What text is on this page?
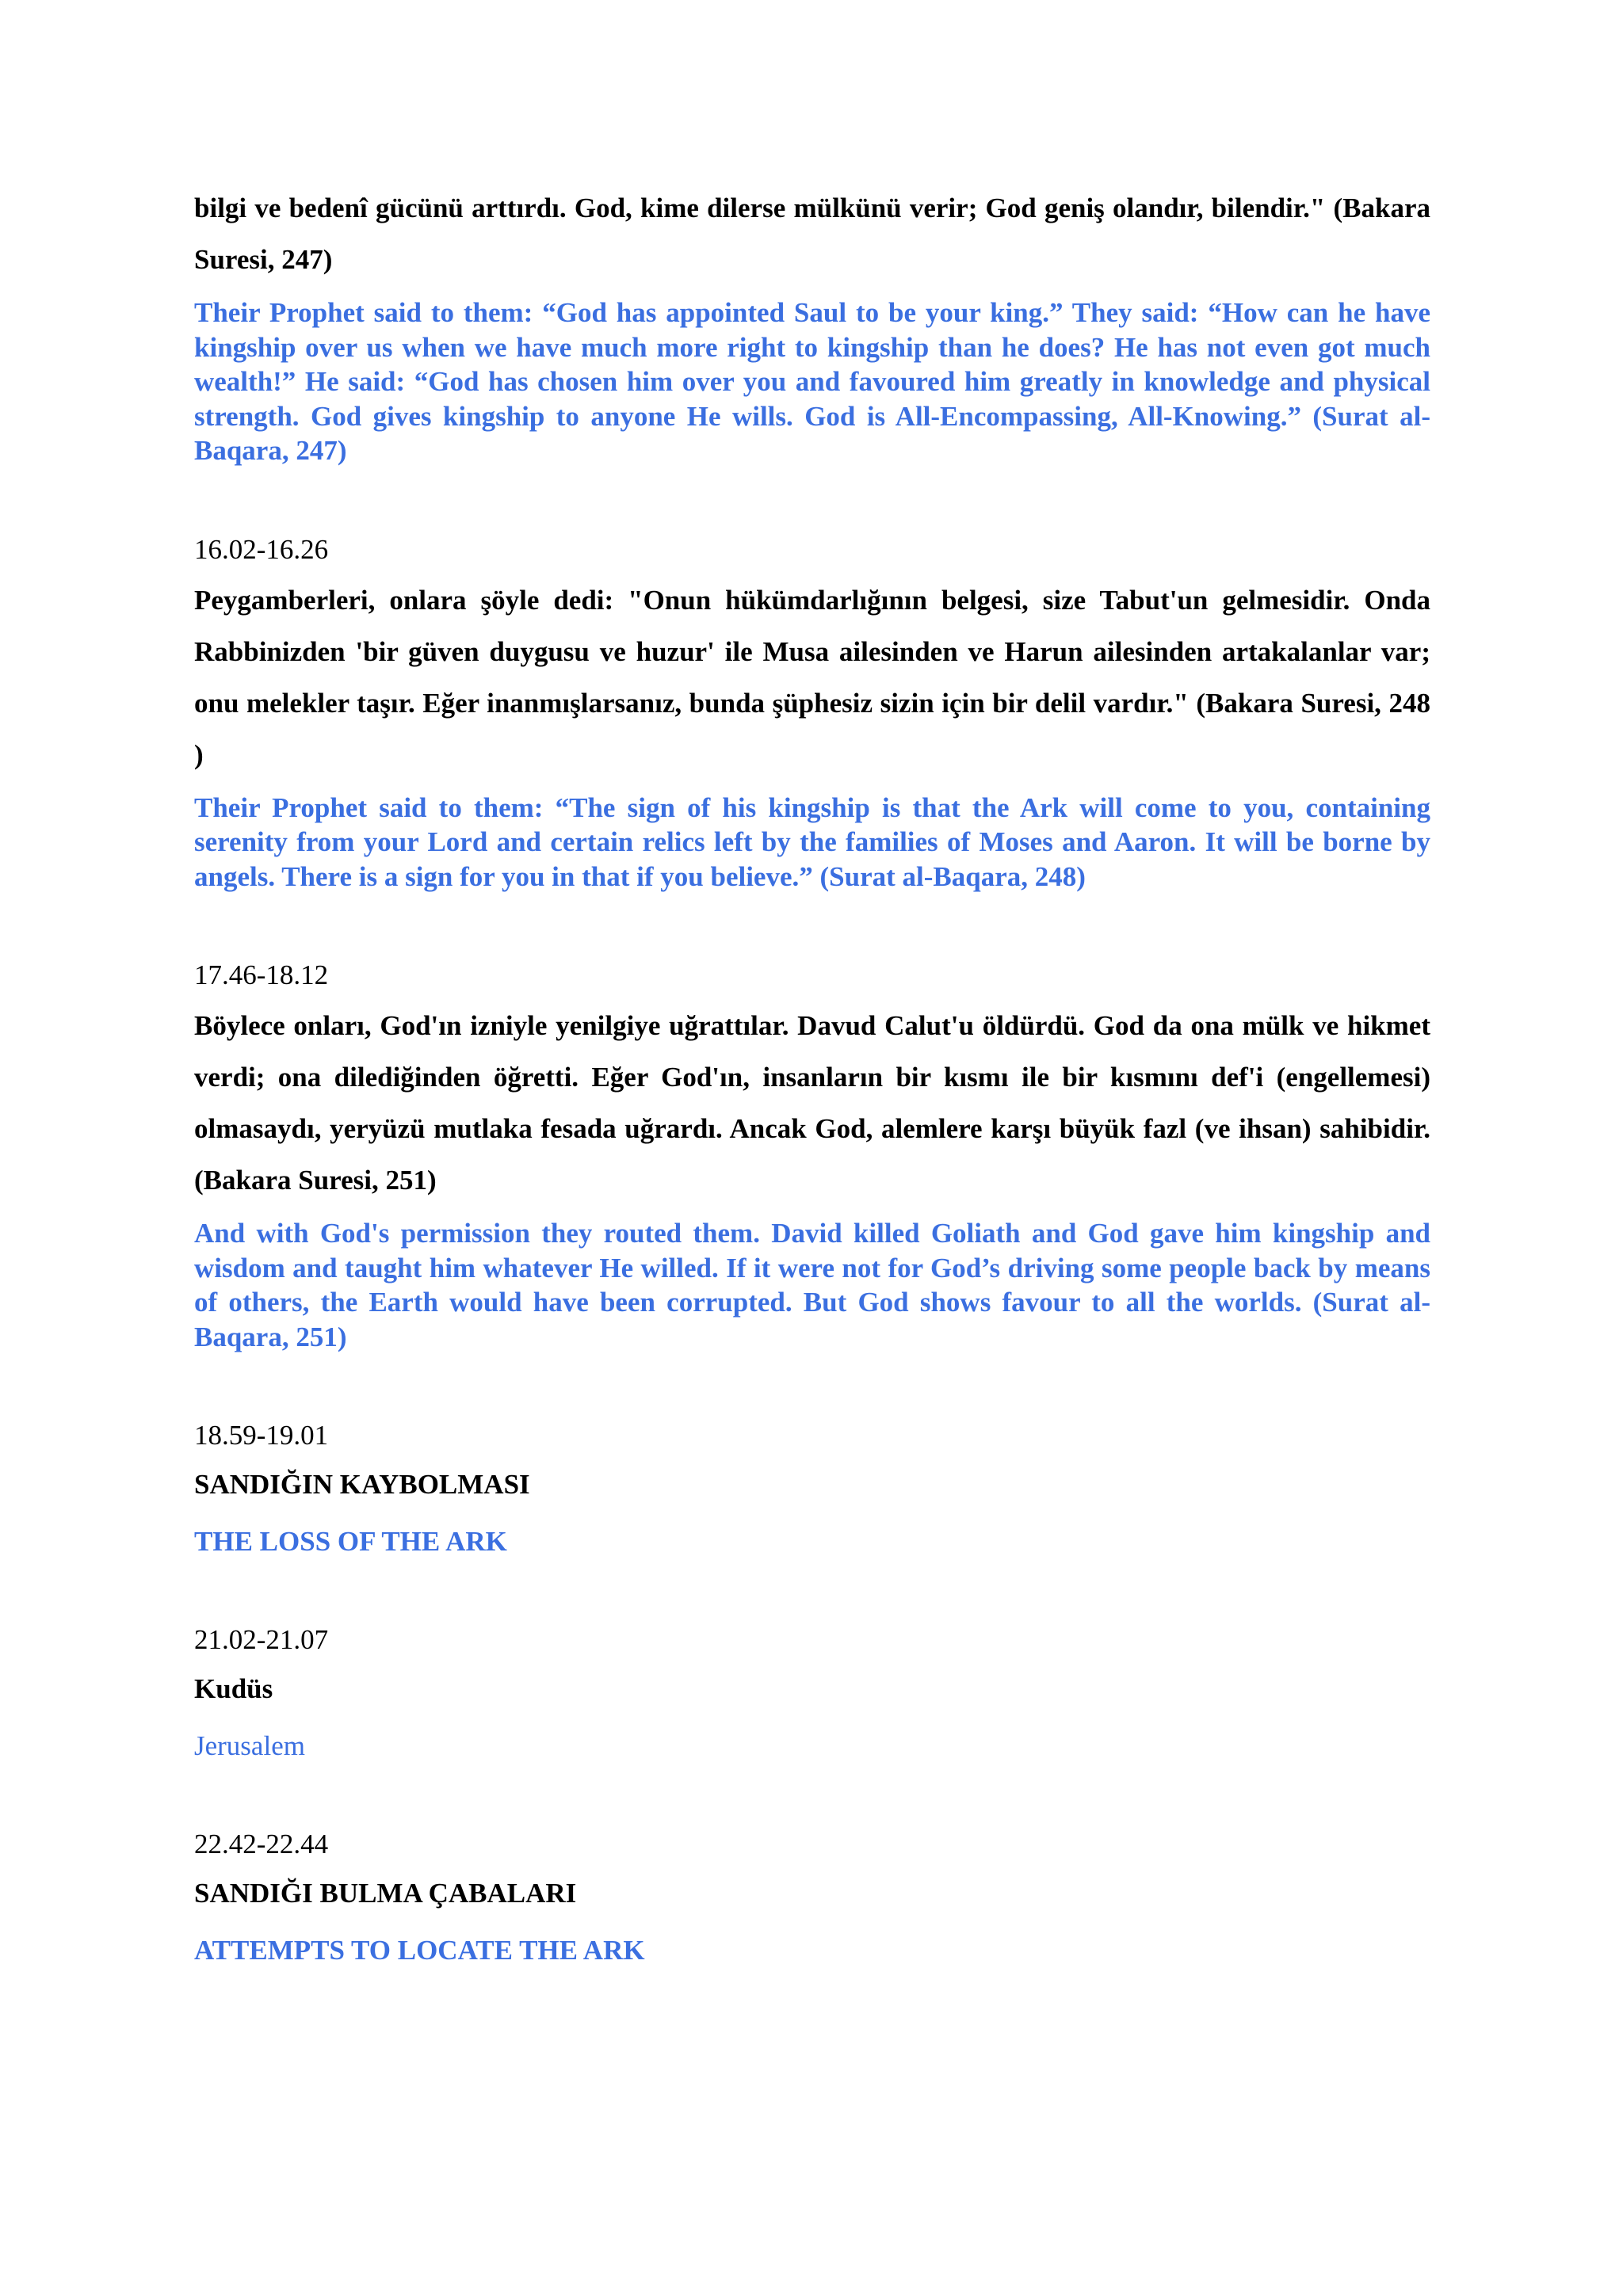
bilgi ve bedenî gücünü arttırdı. God, kime dilerse mülkünü verir; God geniş olandır, bilendir." (Bakara Suresi, 247)

Their Prophet said to them: “God has appointed Saul to be your king.” They said: “How can he have kingship over us when we have much more right to kingship than he does? He has not even got much wealth!” He said: “God has chosen him over you and favoured him greatly in knowledge and physical strength. God gives kingship to anyone He wills. God is All-Encompassing, All-Knowing.” (Surat al-Baqara, 247)

16.02-16.26

Peygamberleri, onlara şöyle dedi: "Onun hükümdarlığının belgesi, size Tabut'un gelmesidir. Onda Rabbinizden 'bir güven duygusu ve huzur' ile Musa ailesinden ve Harun ailesinden artakalanlar var; onu melekler taşır. Eğer inanmışlarsanız, bunda şüphesiz sizin için bir delil vardır." (Bakara Suresi, 248 )

Their Prophet said to them: “The sign of his kingship is that the Ark will come to you, containing serenity from your Lord and certain relics left by the families of Moses and Aaron. It will be borne by angels. There is a sign for you in that if you believe.” (Surat al-Baqara, 248)

17.46-18.12

Böylece onları, God'ın izniyle yenilgiye uğrattılar. Davud Calut'u öldürdü. God da ona mülk ve hikmet verdi; ona dilediğinden öğretti. Eğer God'ın, insanların bir kısmı ile bir kısmını def'i (engellemesi) olmasaydı, yeryüzü mutlaka fesada uğrardı. Ancak God, alemlere karşı büyük fazl (ve ihsan) sahibidir. (Bakara Suresi, 251)

And with God's permission they routed them. David killed Goliath and God gave him kingship and wisdom and taught him whatever He willed. If it were not for God’s driving some people back by means of others, the Earth would have been corrupted. But God shows favour to all the worlds. (Surat al-Baqara, 251)

18.59-19.01

SANDIĞIN KAYBOLMASI

THE LOSS OF THE ARK

21.02-21.07

Kudüs

Jerusalem

22.42-22.44

SANDIĞI BULMA ÇABALARI

ATTEMPTS TO LOCATE THE ARK
